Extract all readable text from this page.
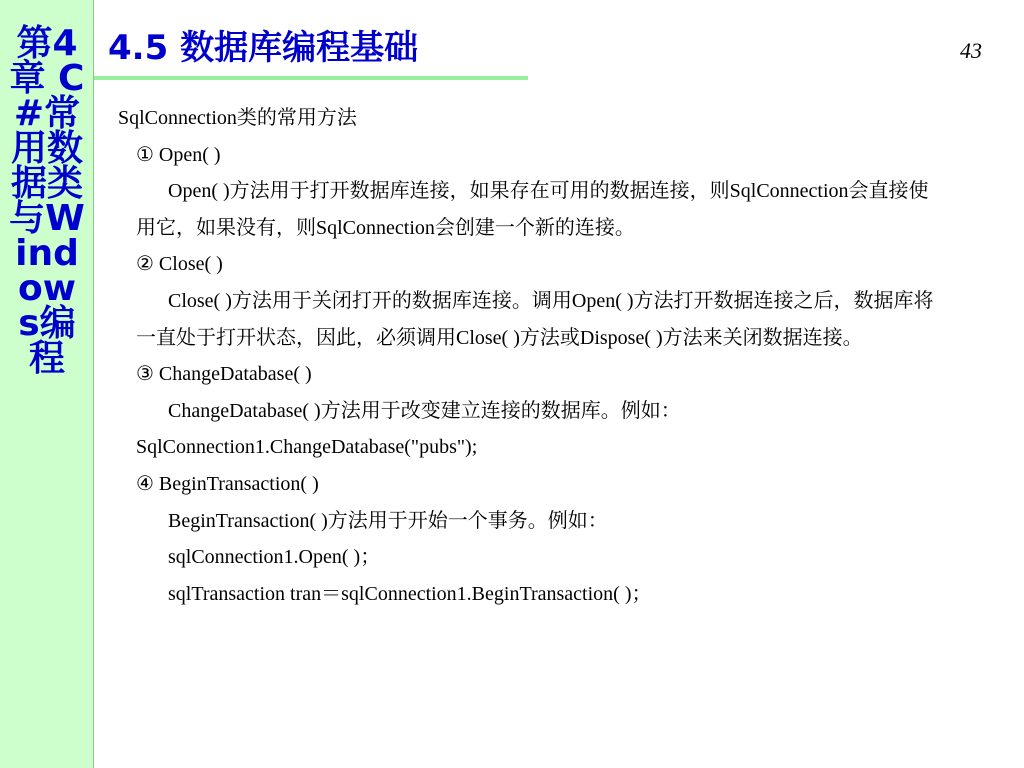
第4章 C#常用数据类与Windows编程
4.5 数据库编程基础	43

SqlConnection类的常用方法

① Open( )

Open( )方法用于打开数据库连接，如果存在可用的数据连接，则SqlConnection会直接使用它，如果没有，则SqlConnection会创建一个新的连接。

② Close( )

Close( )方法用于关闭打开的数据库连接。调用Open( )方法打开数据连接之后，数据库将一直处于打开状态，因此，必须调用Close( )方法或Dispose( )方法来关闭数据连接。

③ ChangeDatabase( )

ChangeDatabase( )方法用于改变建立连接的数据库。例如：

SqlConnection1.ChangeDatabase("pubs");

④ BeginTransaction( )

BeginTransaction( )方法用于开始一个事务。例如：

sqlConnection1.Open( )；

sqlTransaction tran＝sqlConnection1.BeginTransaction( )；
